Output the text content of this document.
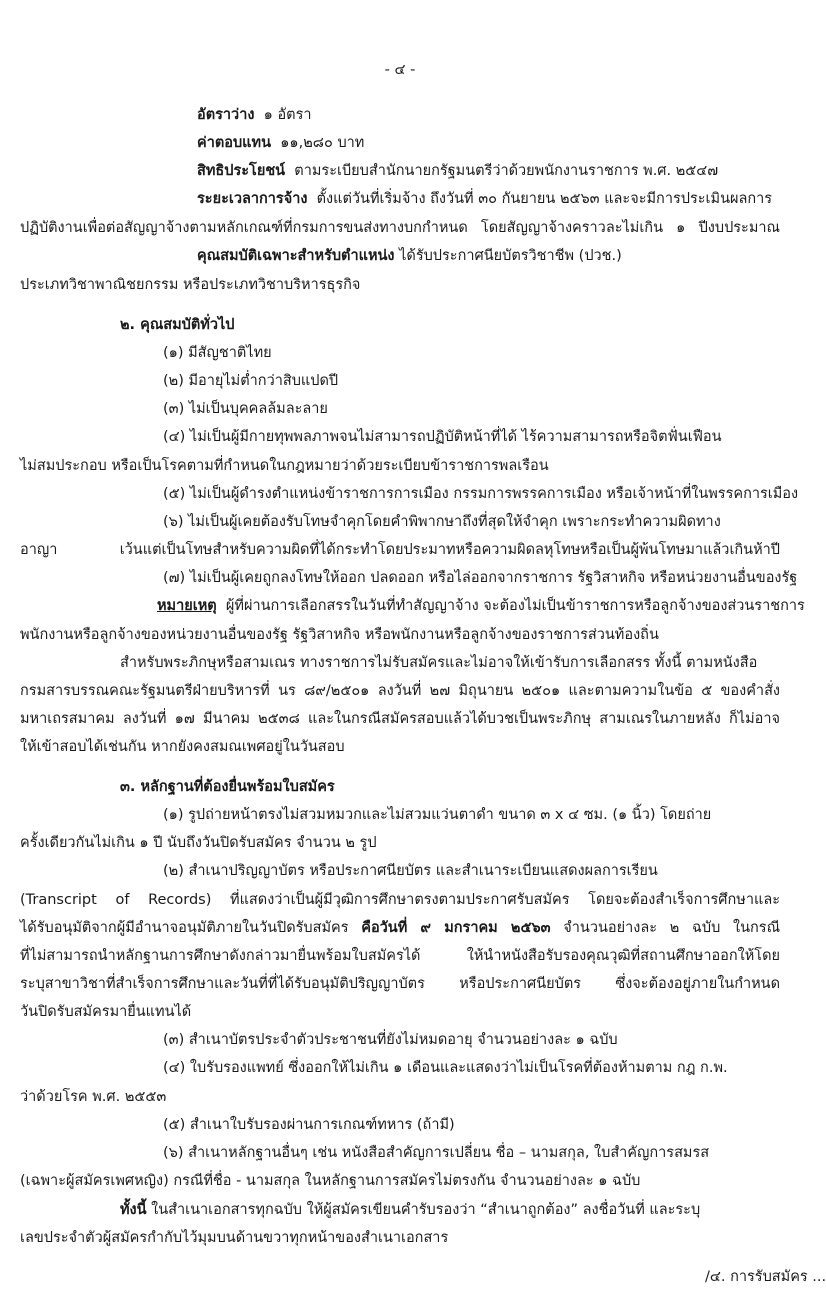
- ๔ -
อัตราว่าง ๑ อัตรา
ค่าตอบแทน ๑๑,๒๘๐ บาท
สิทธิประโยชน์ ตามระเบียบสำนักนายกรัฐมนตรีว่าด้วยพนักงานราชการ พ.ศ. ๒๕๔๗
ระยะเวลาการจ้าง ตั้งแต่วันที่เริ่มจ้าง ถึงวันที่ ๓๐ กันยายน ๒๕๖๓ และจะมีการประเมินผลการ
ปฏิบัติงานเพื่อต่อสัญญาจ้างตามหลักเกณฑ์ที่กรมการขนส่งทางบกกำหนด โดยสัญญาจ้างคราวละไม่เกิน ๑ ปีงบประมาณ
คุณสมบัติเฉพาะสำหรับตำแหน่ง ได้รับประกาศนียบัตรวิชาชีพ (ปวช.)
ประเภทวิชาพาณิชยกรรม หรือประเภทวิชาบริหารธุรกิจ
๒. คุณสมบัติทั่วไป
(๑) มีสัญชาติไทย
(๒) มีอายุไม่ต่ำกว่าสิบแปดปี
(๓) ไม่เป็นบุคคลล้มละลาย
(๔) ไม่เป็นผู้มีกายทุพพลภาพจนไม่สามารถปฏิบัติหน้าที่ได้ ไร้ความสามารถหรือจิตฟั่นเฟือน
ไม่สมประกอบ หรือเป็นโรคตามที่กำหนดในกฎหมายว่าด้วยระเบียบข้าราชการพลเรือน
(๕) ไม่เป็นผู้ดำรงตำแหน่งข้าราชการการเมือง กรรมการพรรคการเมือง หรือเจ้าหน้าที่ในพรรคการเมือง
(๖) ไม่เป็นผู้เคยต้องรับโทษจำคุกโดยคำพิพากษาถึงที่สุดให้จำคุก เพราะกระทำความผิดทาง
อาญา เว้นแต่เป็นโทษสำหรับความผิดที่ได้กระทำโดยประมาทหรือความผิดลหุโทษหรือเป็นผู้พ้นโทษมาแล้วเกินห้าปี
(๗) ไม่เป็นผู้เคยถูกลงโทษให้ออก ปลดออก หรือไล่ออกจากราชการ รัฐวิสาหกิจ หรือหน่วยงานอื่นของรัฐ
หมายเหตุ ผู้ที่ผ่านการเลือกสรรในวันที่ทำสัญญาจ้าง จะต้องไม่เป็นข้าราชการหรือลูกจ้างของส่วนราชการ
พนักงานหรือลูกจ้างของหน่วยงานอื่นของรัฐ รัฐวิสาหกิจ หรือพนักงานหรือลูกจ้างของราชการส่วนท้องถิ่น
สำหรับพระภิกษุหรือสามเณร ทางราชการไม่รับสมัครและไม่อาจให้เข้ารับการเลือกสรร ทั้งนี้ ตามหนังสือ
กรมสารบรรณคณะรัฐมนตรีฝ่ายบริหารที่ นร ๘๙/๒๕๐๑ ลงวันที่ ๒๗ มิถุนายน ๒๕๐๑ และตามความในข้อ ๕ ของคำสั่ง
มหาเถรสมาคม ลงวันที่ ๑๗ มีนาคม ๒๕๓๘ และในกรณีสมัครสอบแล้วได้บวชเป็นพระภิกษุ สามเณรในภายหลัง ก็ไม่อาจ
ให้เข้าสอบได้เช่นกัน หากยังคงสมณเพศอยู่ในวันสอบ
๓. หลักฐานที่ต้องยื่นพร้อมใบสมัคร
(๑) รูปถ่ายหน้าตรงไม่สวมหมวกและไม่สวมแว่นตาดำ ขนาด ๓ x ๔ ซม. (๑ นิ้ว) โดยถ่าย
ครั้งเดียวกันไม่เกิน ๑ ปี นับถึงวันปิดรับสมัคร จำนวน ๒ รูป
(๒) สำเนาปริญญาบัตร หรือประกาศนียบัตร และสำเนาระเบียนแสดงผลการเรียน
(Transcript of Records) ที่แสดงว่าเป็นผู้มีวุฒิการศึกษาตรงตามประกาศรับสมัคร โดยจะต้องสำเร็จการศึกษาและ
ได้รับอนุมัติจากผู้มีอำนาจอนุมัติภายในวันปิดรับสมัคร คือวันที่ ๙ มกราคม ๒๕๖๓ จำนวนอย่างละ ๒ ฉบับ ในกรณี
ที่ไม่สามารถนำหลักฐานการศึกษาดังกล่าวมายื่นพร้อมใบสมัครได้ ให้นำหนังสือรับรองคุณวุฒิที่สถานศึกษาออกให้โดย
ระบุสาขาวิชาที่สำเร็จการศึกษาและวันที่ที่ได้รับอนุมัติปริญญาบัตร หรือประกาศนียบัตร ซึ่งจะต้องอยู่ภายในกำหนด
วันปิดรับสมัครมายื่นแทนได้
(๓) สำเนาบัตรประจำตัวประชาชนที่ยังไม่หมดอายุ จำนวนอย่างละ ๑ ฉบับ
(๔) ใบรับรองแพทย์ ซึ่งออกให้ไม่เกิน ๑ เดือนและแสดงว่าไม่เป็นโรคที่ต้องห้ามตาม กฎ ก.พ.
ว่าด้วยโรค พ.ศ. ๒๕๕๓
(๕) สำเนาใบรับรองผ่านการเกณฑ์ทหาร (ถ้ามี)
(๖) สำเนาหลักฐานอื่นๆ เช่น หนังสือสำคัญการเปลี่ยน ชื่อ – นามสกุล, ใบสำคัญการสมรส
(เฉพาะผู้สมัครเพศหญิง) กรณีที่ชื่อ - นามสกุล ในหลักฐานการสมัครไม่ตรงกัน จำนวนอย่างละ ๑ ฉบับ
ทั้งนี้ ในสำเนาเอกสารทุกฉบับ ให้ผู้สมัครเขียนคำรับรองว่า “สำเนาถูกต้อง” ลงชื่อวันที่ และระบุ
เลขประจำตัวผู้สมัครกำกับไว้มุมบนด้านขวาทุกหน้าของสำเนาเอกสาร
/๔. การรับสมัคร ...
